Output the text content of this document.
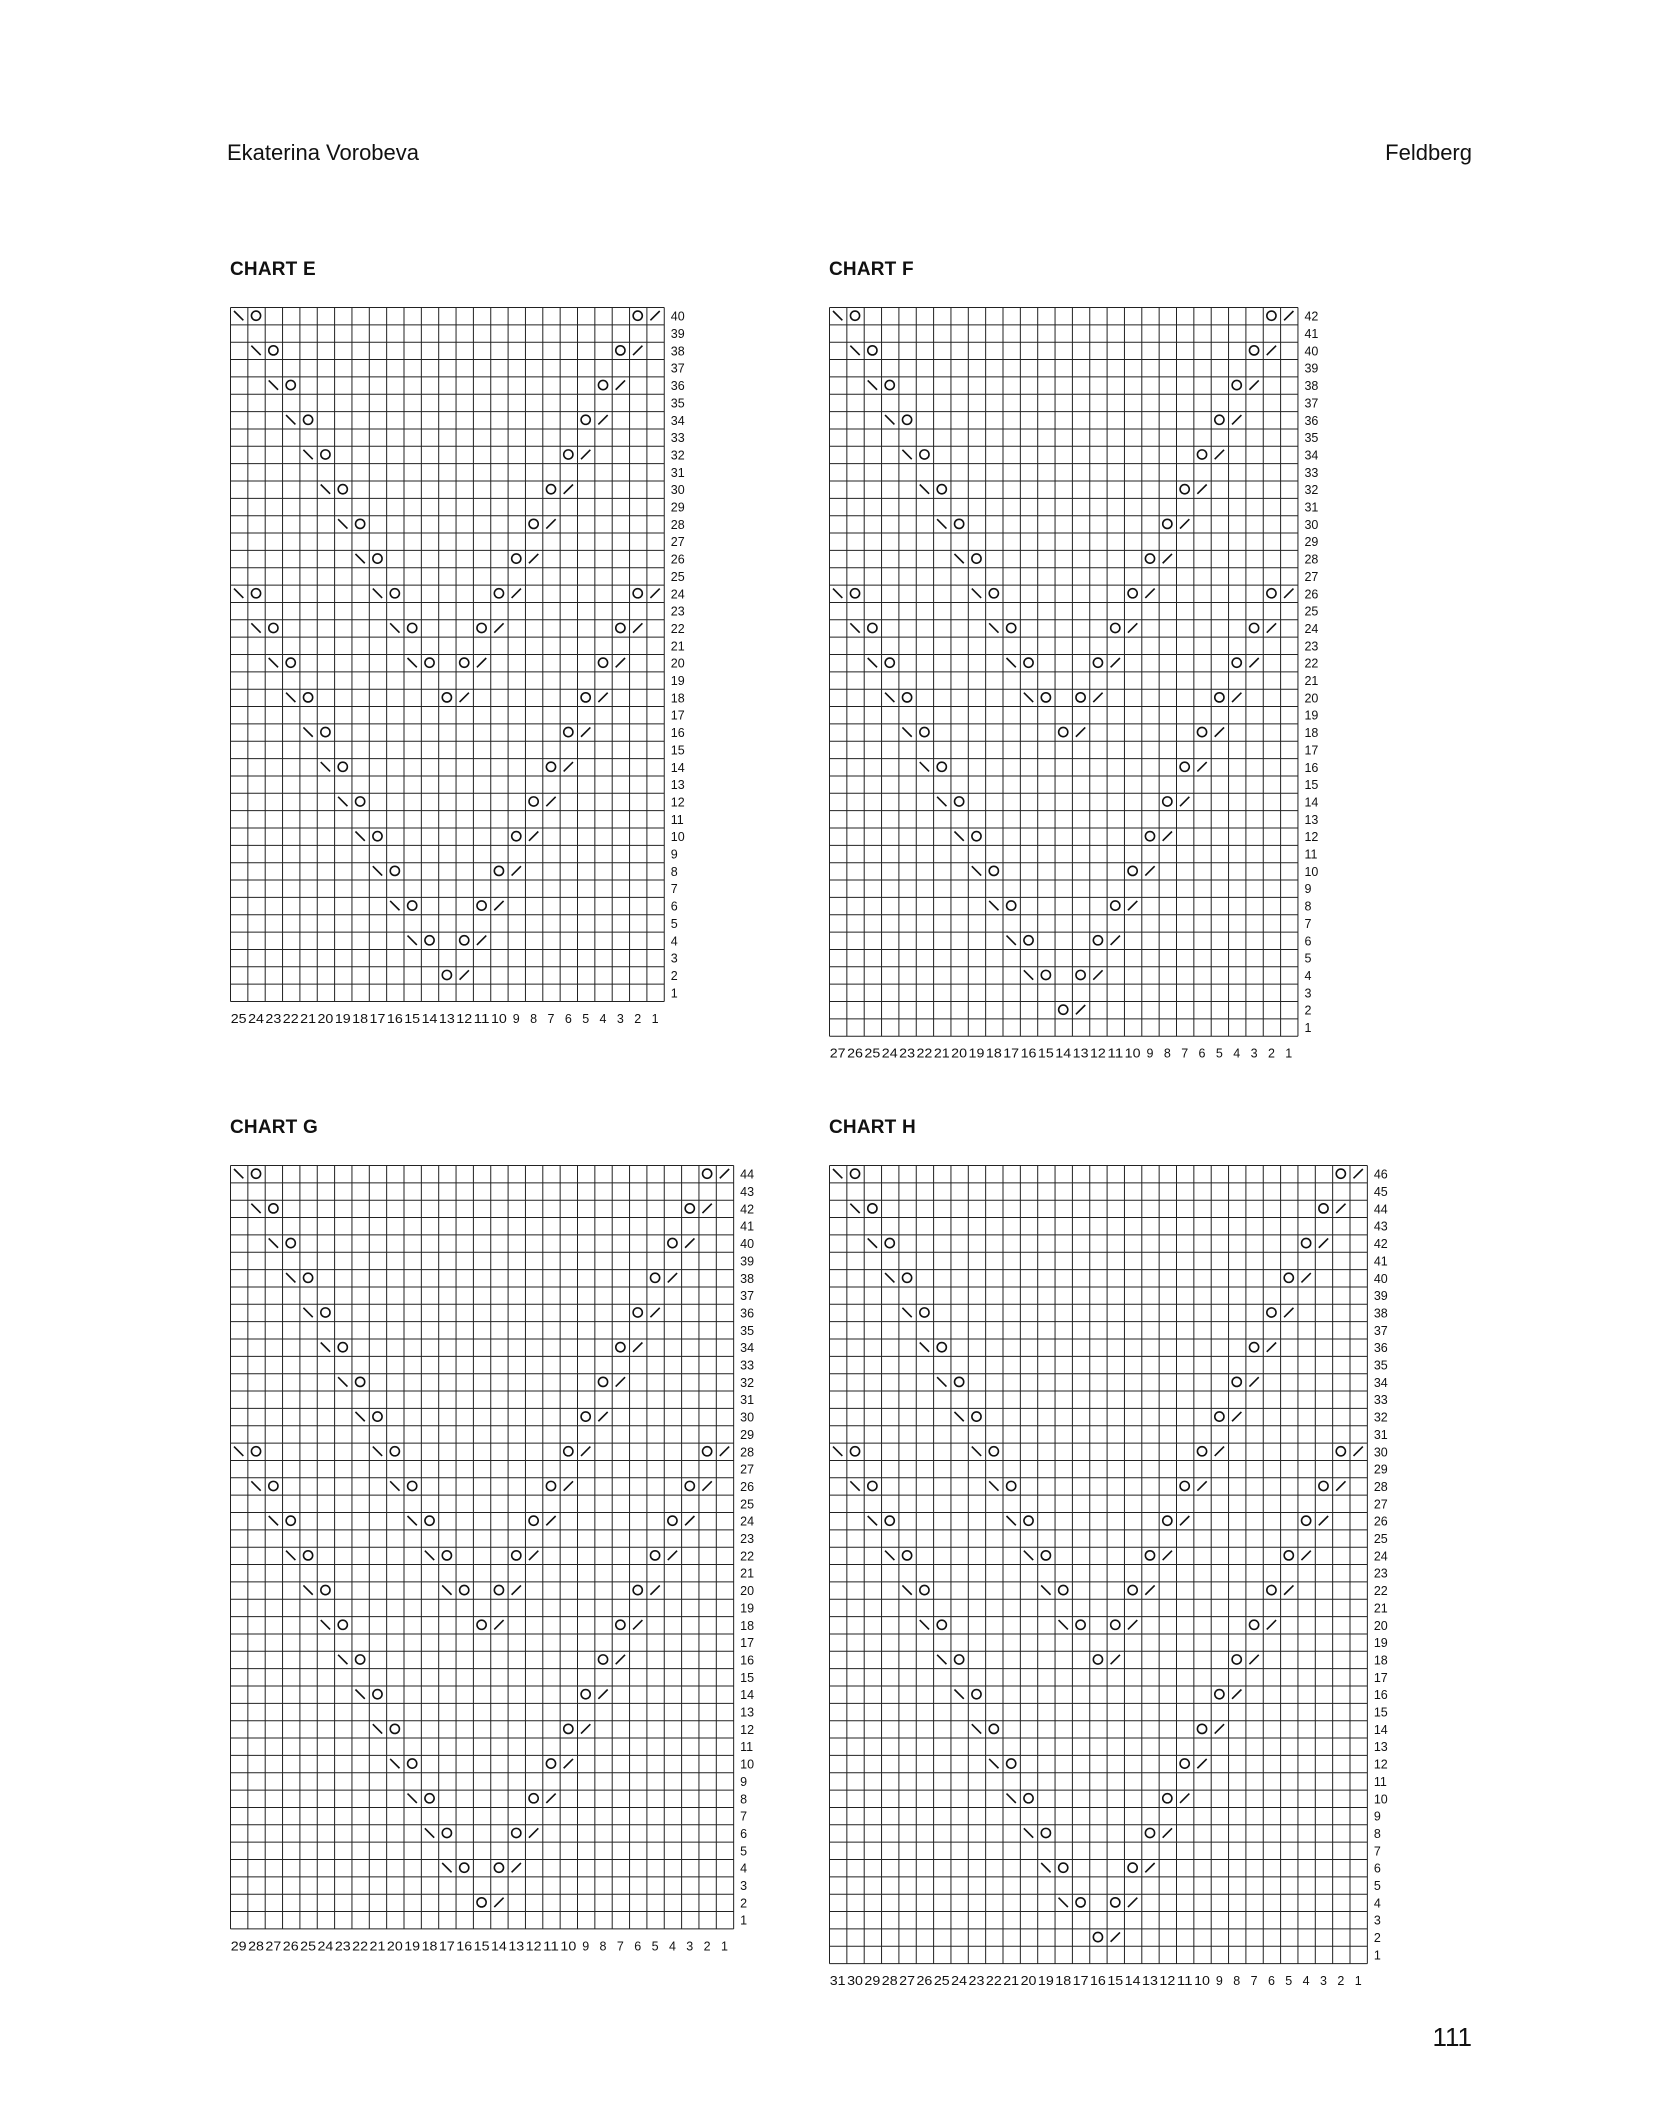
Ekaterina Vorobeva	Feldberg
CHART E
1
2
3
4
5
6
7
8
9
10
11
12
13
14
15
16
17
18
19
20
21
22
23
24
25
26
27
28
29
30
31
32
33
34
35
36
37
38
39
40
1
2
3
4
5
6
7
8
9
10
11
12
13
14
15
16
17
18
19
20
21
22
23
24
25
CHART F
1
2
3
4
5
6
7
8
9
10
11
12
13
14
15
16
17
18
19
20
21
22
23
24
25
26
27
28
29
30
31
32
33
34
35
36
37
38
39
40
41
42
1
2
3
4
5
6
7
8
9
10
11
12
13
14
15
16
17
18
19
20
21
22
23
24
25
26
27
CHART G
1
2
3
4
5
6
7
8
9
10
11
12
13
14
15
16
17
18
19
20
21
22
23
24
25
26
27
28
29
30
31
32
33
34
35
36
37
38
39
40
41
42
43
44
1
2
3
4
5
6
7
8
9
10
11
12
13
14
15
16
17
18
19
20
21
22
23
24
25
26
27
28
29
CHART H
1
2
3
4
5
6
7
8
9
10
11
12
13
14
15
16
17
18
19
20
21
22
23
24
25
26
27
28
29
30
31
32
33
34
35
36
37
38
39
40
41
42
43
44
45
46
1
2
3
4
5
6
7
8
9
10
11
12
13
14
15
16
17
18
19
20
21
22
23
24
25
26
27
28
29
30
31
111
